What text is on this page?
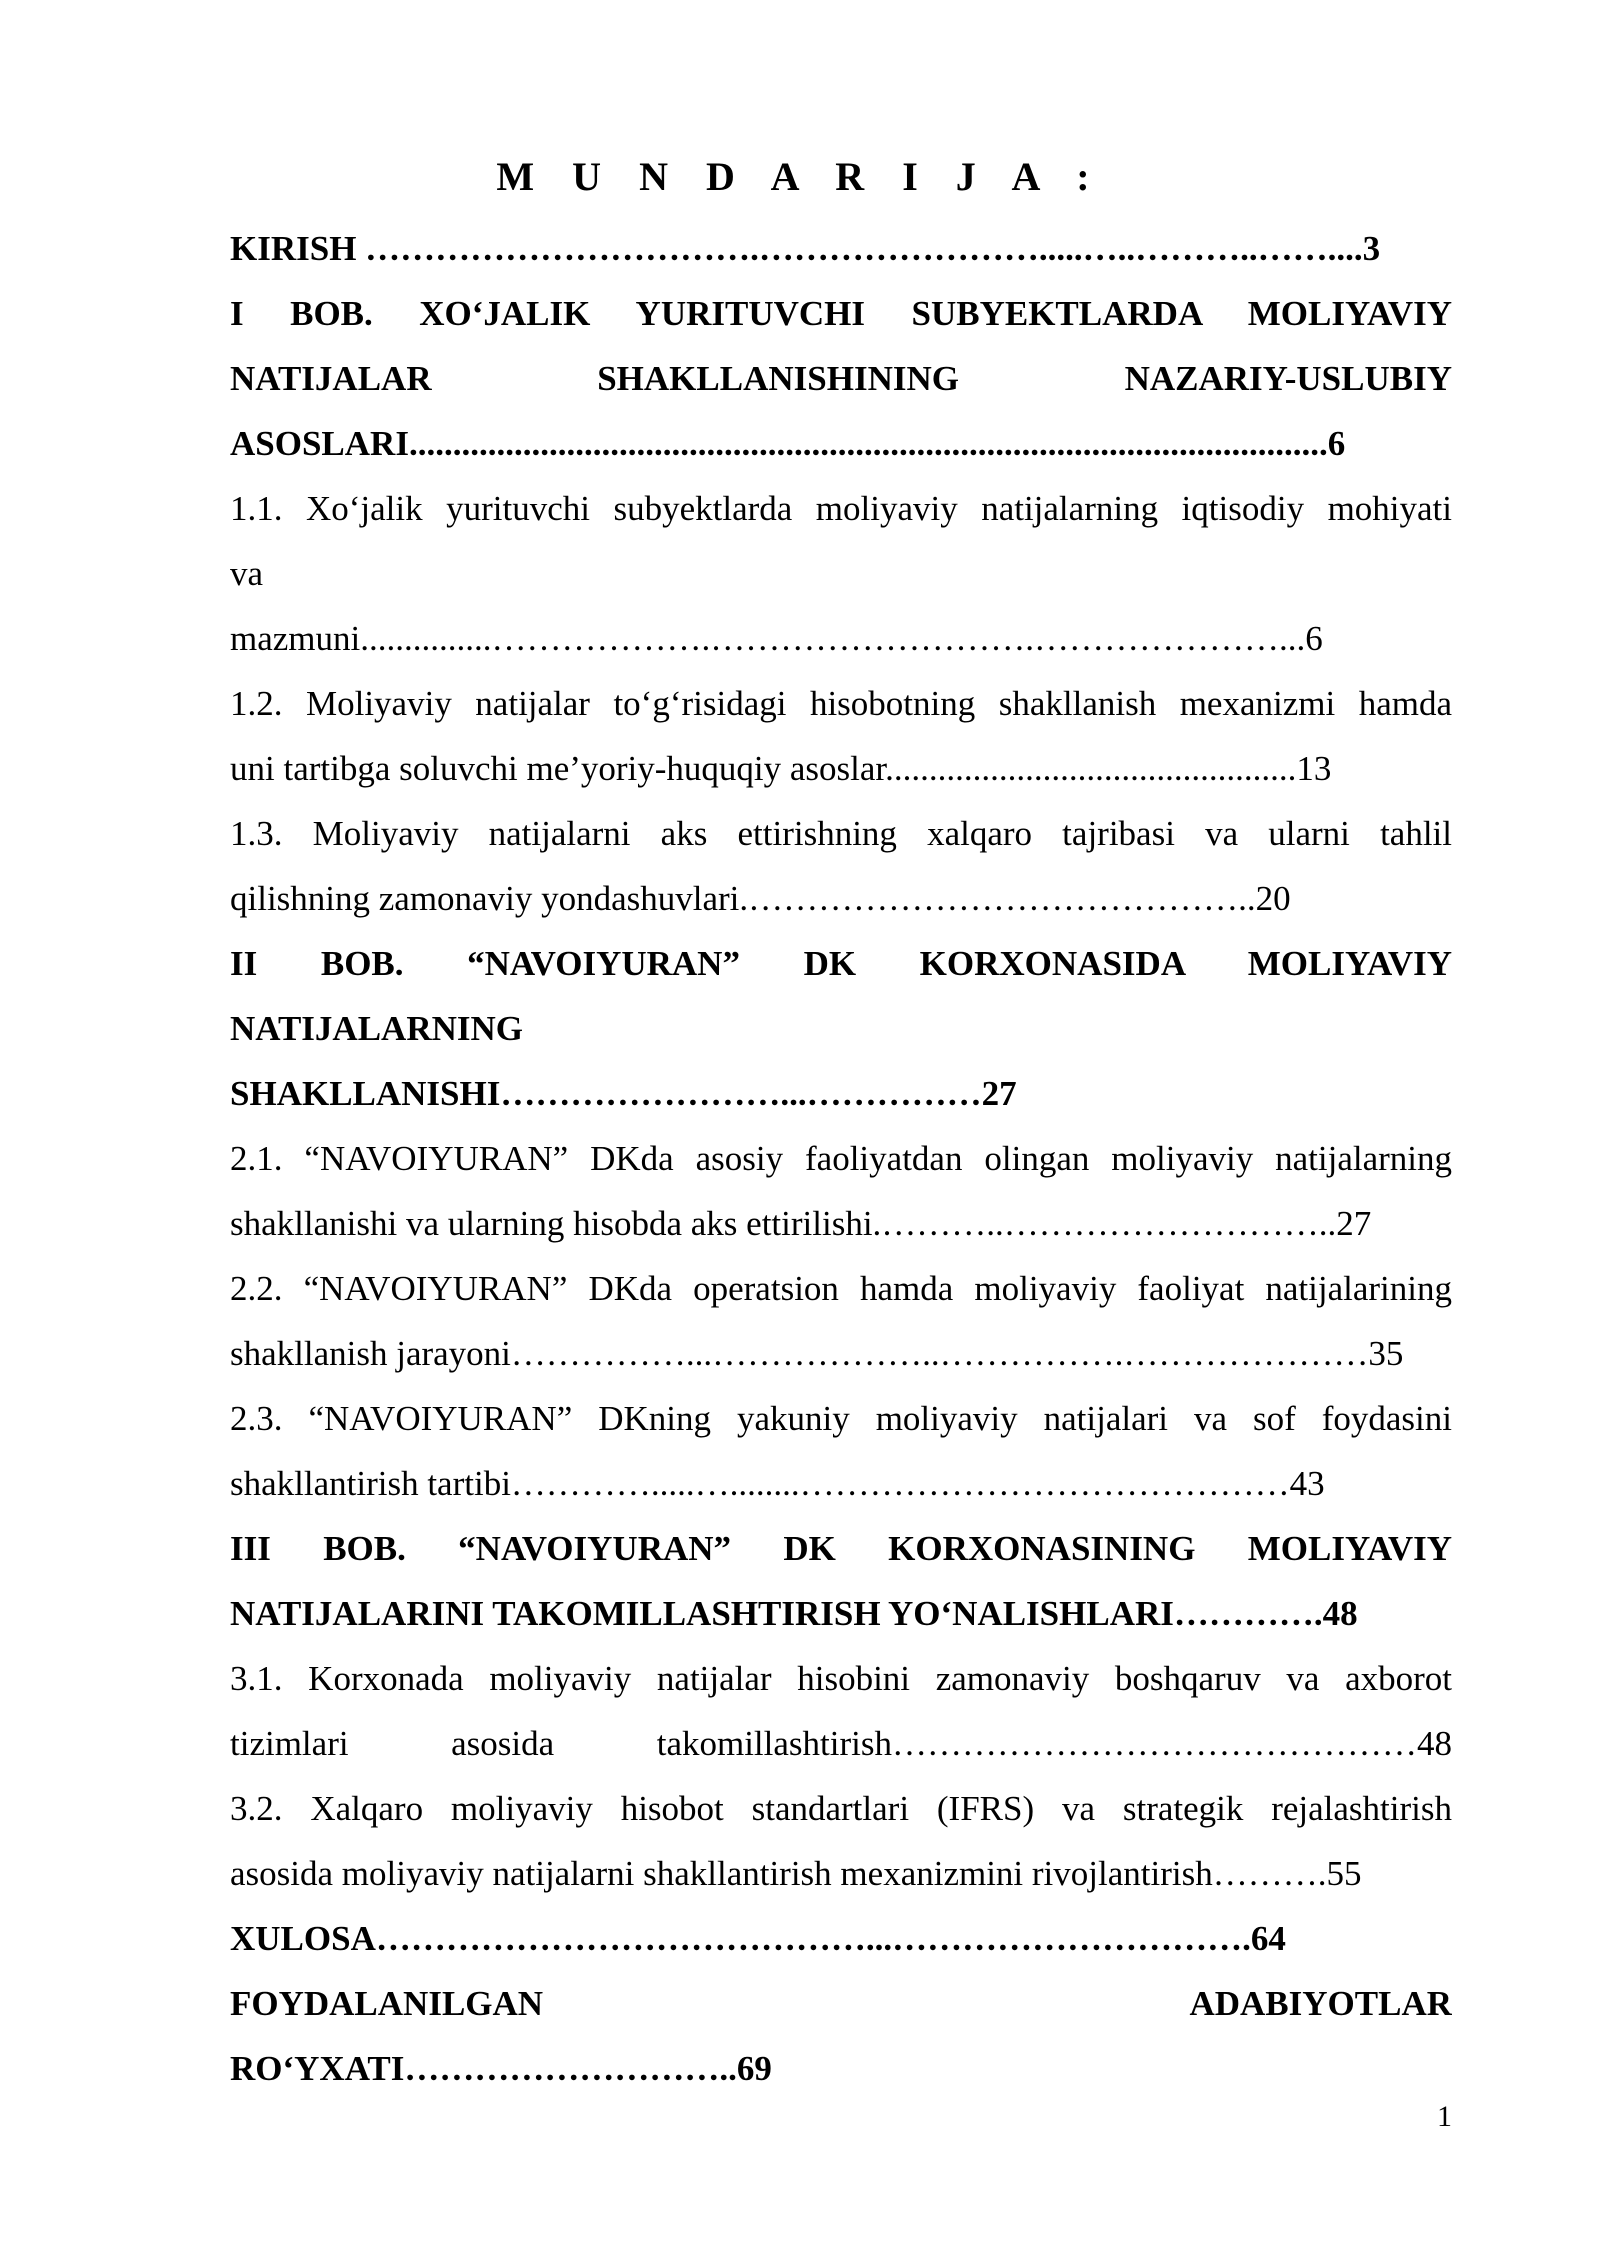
M U N D A R I J A :
KIRISH …………………………….…………………….....…..………..……....3
I BOB. XO‘JALIK YURITUVCHI SUBYEKTLARDA MOLIYAVIY
NATIJALAR SHAKLLANISHINING NAZARIY-USLUBIY
ASOSLARI.........................................................................................................6
1.1. Xo‘jalik yurituvchi subyektlarda moliyaviy natijalarning iqtisodiy mohiyati
va
mazmuni...............……………….……………………….…………………...6
1.2. Moliyaviy natijalar to‘g‘risidagi hisobotning shakllanish mexanizmi hamda
uni tartibga soluvchi me’yoriy-huquqiy asoslar...............................................13
1.3. Moliyaviy natijalarni aks ettirishning xalqaro tajribasi va ularni tahlil
qilishning zamonaviy yondashuvlari.……………………………………..20
II BOB. “NAVOIYURAN” DK KORXONASIDA MOLIYAVIY
NATIJALARNING
SHAKLLANISHI……………………...……………27
2.1. “NAVOIYURAN” DKda asosiy faoliyatdan olingan moliyaviy natijalarning
shakllanishi va ularning hisobda aks ettirilishi.………..………………………..27
2.2. “NAVOIYURAN” DKda operatsion hamda moliyaviy faoliyat natijalarining
shakllanish jarayoni……………...………………..…………….…………………35
2.3. “NAVOIYURAN” DKning yakuniy moliyaviy natijalari va sof foydasini
shakllantirish tartibi………….....…........……………………………………43
III BOB. “NAVOIYURAN” DK KORXONASINING MOLIYAVIY
NATIJALARINI TAKOMILLASHTIRISH YO‘NALISHLARI………….48
3.1. Korxonada moliyaviy natijalar hisobini zamonaviy boshqaruv va axborot
tizimlari asosida takomillashtirish………………………………………48
3.2. Xalqaro moliyaviy hisobot standartlari (IFRS) va strategik rejalashtirish
asosida moliyaviy natijalarni shakllantirish mexanizmini rivojlantirish……….55
XULOSA……………………………………...………………………….64
FOYDALANILGAN ADABIYOTLAR
RO‘YXATI………………………..69
1
